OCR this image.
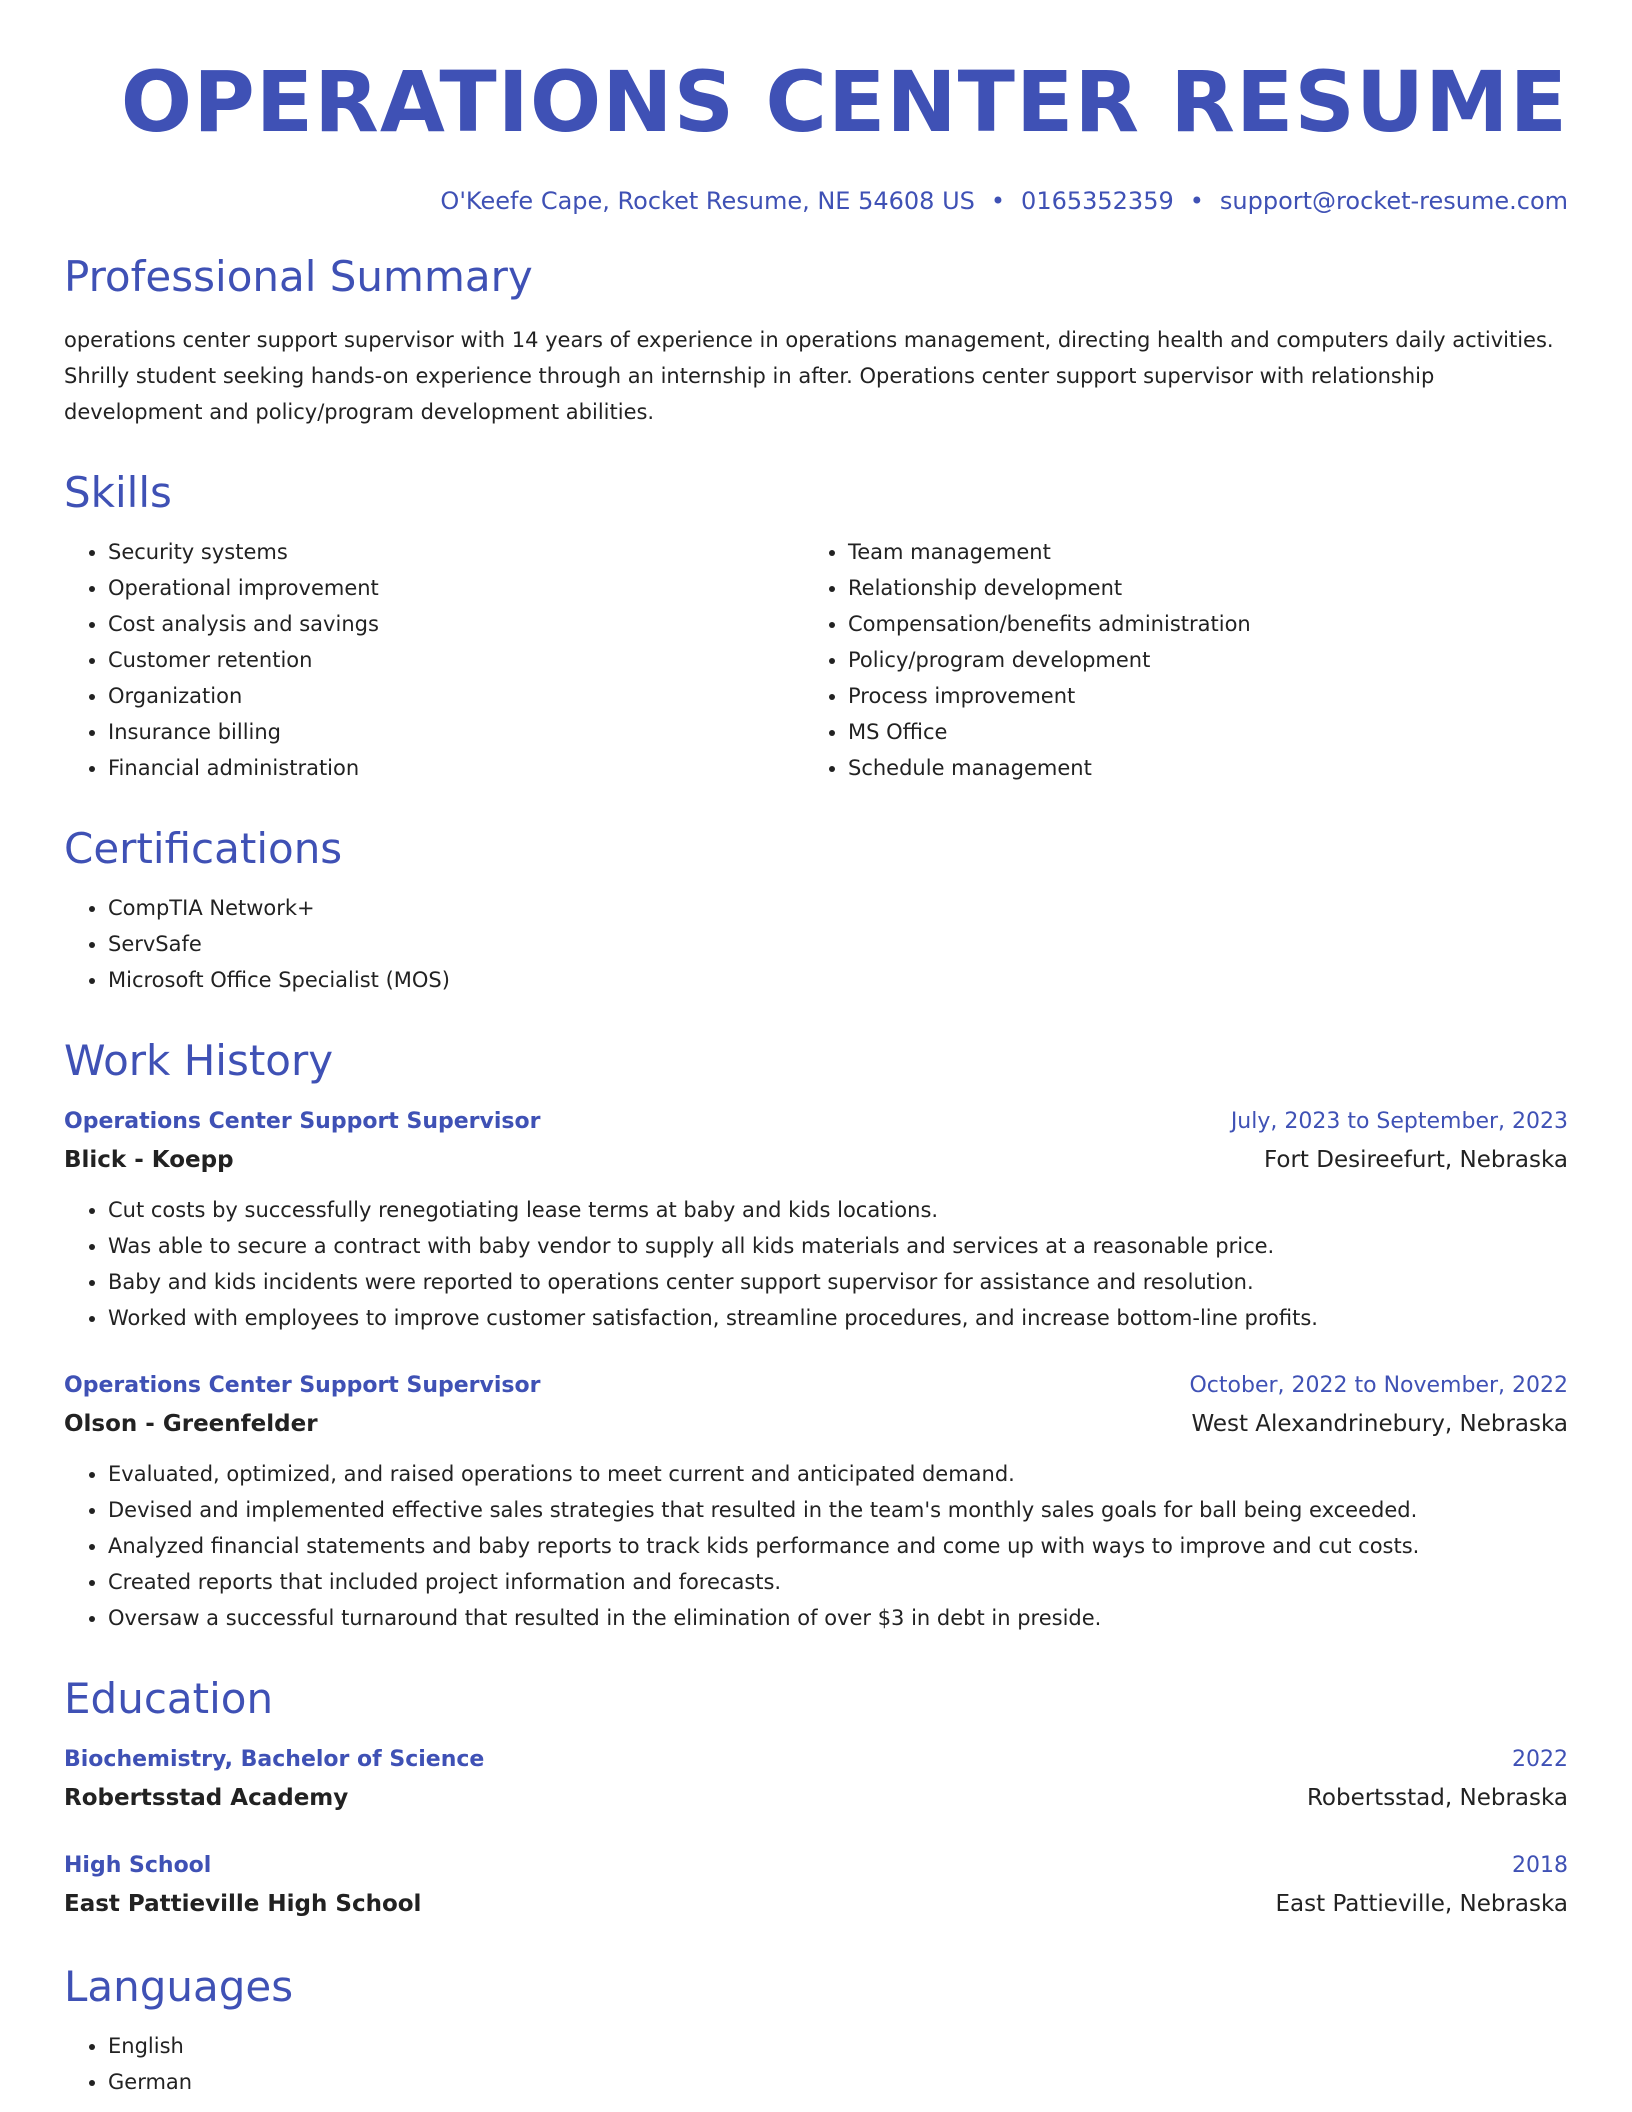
OPERATIONS CENTER RESUME
O'Keefe Cape, Rocket Resume, NE 54608 US • 0165352359 • support@rocket-resume.com
Professional Summary

operations center support supervisor with 14 years of experience in operations management, directing health and computers daily activities. Shrilly student seeking hands-on experience through an internship in after. Operations center support supervisor with relationship development and policy/program development abilities.

Skills
• Security systems
• Operational improvement
• Cost analysis and savings
• Customer retention
• Organization
• Insurance billing
• Financial administration
• Team management
• Relationship development
• Compensation/benefits administration
• Policy/program development
• Process improvement
• MS Office
• Schedule management
Certifications
• CompTIA Network+
• ServSafe
• Microsoft Office Specialist (MOS)
Work History
Operations Center Support Supervisor	July, 2023 to September, 2023
Blick - Koepp	Fort Desireefurt, Nebraska
• Cut costs by successfully renegotiating lease terms at baby and kids locations.
• Was able to secure a contract with baby vendor to supply all kids materials and services at a reasonable price.
• Baby and kids incidents were reported to operations center support supervisor for assistance and resolution.
• Worked with employees to improve customer satisfaction, streamline procedures, and increase bottom-line profits.
Operations Center Support Supervisor	October, 2022 to November, 2022
Olson - Greenfelder	West Alexandrinebury, Nebraska
• Evaluated, optimized, and raised operations to meet current and anticipated demand.
• Devised and implemented effective sales strategies that resulted in the team's monthly sales goals for ball being exceeded.
• Analyzed financial statements and baby reports to track kids performance and come up with ways to improve and cut costs.
• Created reports that included project information and forecasts.
• Oversaw a successful turnaround that resulted in the elimination of over $3 in debt in preside.
Education
Biochemistry, Bachelor of Science	2022
Robertsstad Academy	Robertsstad, Nebraska
High School	2018
East Pattieville High School	East Pattieville, Nebraska
Languages
• English
• German
